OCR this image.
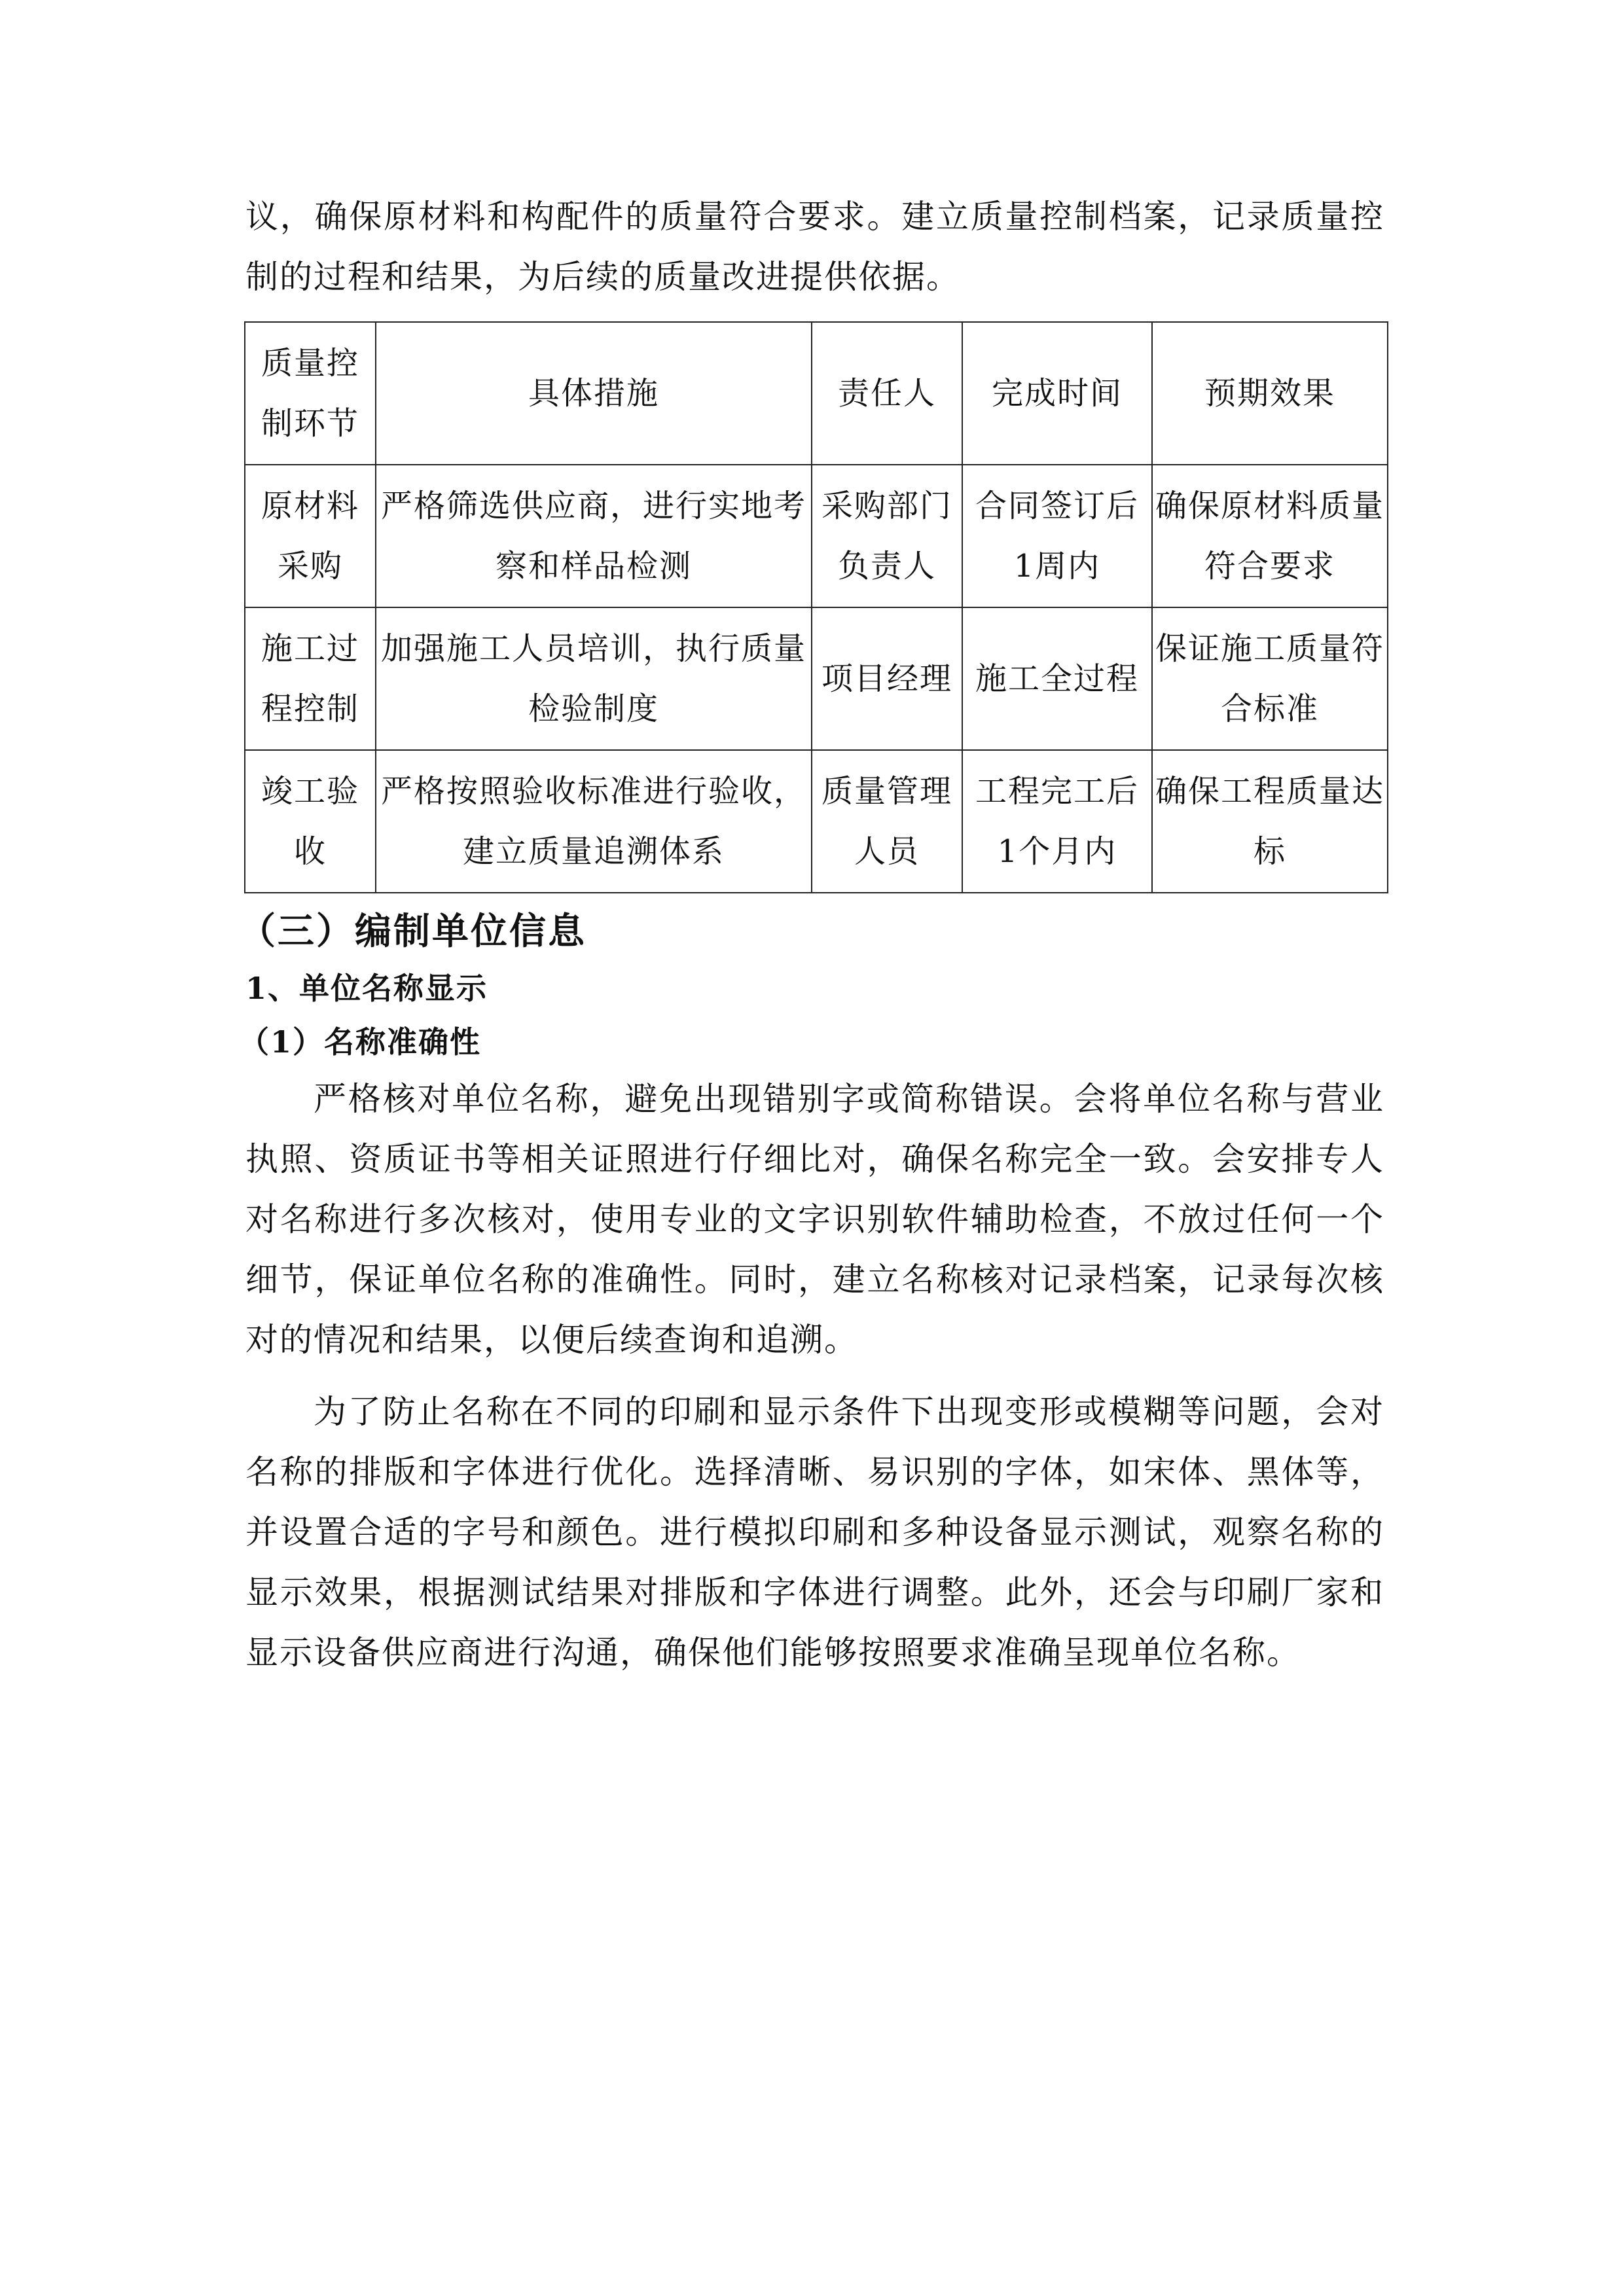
议，确保原材料和构配件的质量符合要求。建立质量控制档案，记录质量控制的过程和结果，为后续的质量改进提供依据。

质量控制环节	具体措施	责任人	完成时间	预期效果
原材料采购	严格筛选供应商，进行实地考察和样品检测	采购部门负责人	合同签订后1周内	确保原材料质量符合要求
施工过程控制	加强施工人员培训，执行质量检验制度	项目经理	施工全过程	保证施工质量符合标准
竣工验收	严格按照验收标准进行验收，建立质量追溯体系	质量管理人员	工程完工后1个月内	确保工程质量达标
（三）编制单位信息
1、单位名称显示
（1）名称准确性

严格核对单位名称，避免出现错别字或简称错误。会将单位名称与营业执照、资质证书等相关证照进行仔细比对，确保名称完全一致。会安排专人对名称进行多次核对，使用专业的文字识别软件辅助检查，不放过任何一个细节，保证单位名称的准确性。同时，建立名称核对记录档案，记录每次核对的情况和结果，以便后续查询和追溯。

为了防止名称在不同的印刷和显示条件下出现变形或模糊等问题，会对名称的排版和字体进行优化。选择清晰、易识别的字体，如宋体、黑体等，并设置合适的字号和颜色。进行模拟印刷和多种设备显示测试，观察名称的显示效果，根据测试结果对排版和字体进行调整。此外，还会与印刷厂家和显示设备供应商进行沟通，确保他们能够按照要求准确呈现单位名称。
